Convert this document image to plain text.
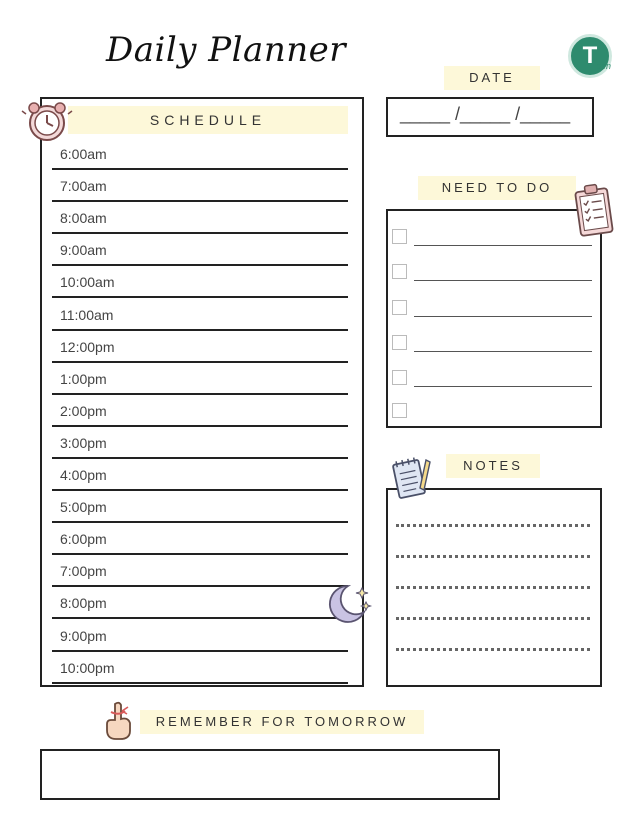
Daily Planner	T
een
SCHEDULE
6:00am
7:00am
8:00am
9:00am
10:00am
11:00am
12:00pm
1:00pm
2:00pm
3:00pm
4:00pm
5:00pm
6:00pm
7:00pm
8:00pm
9:00pm
10:00pm
DATE
_____ /_____ /_____
NEED TO DO
NOTES
REMEMBER FOR TOMORROW
